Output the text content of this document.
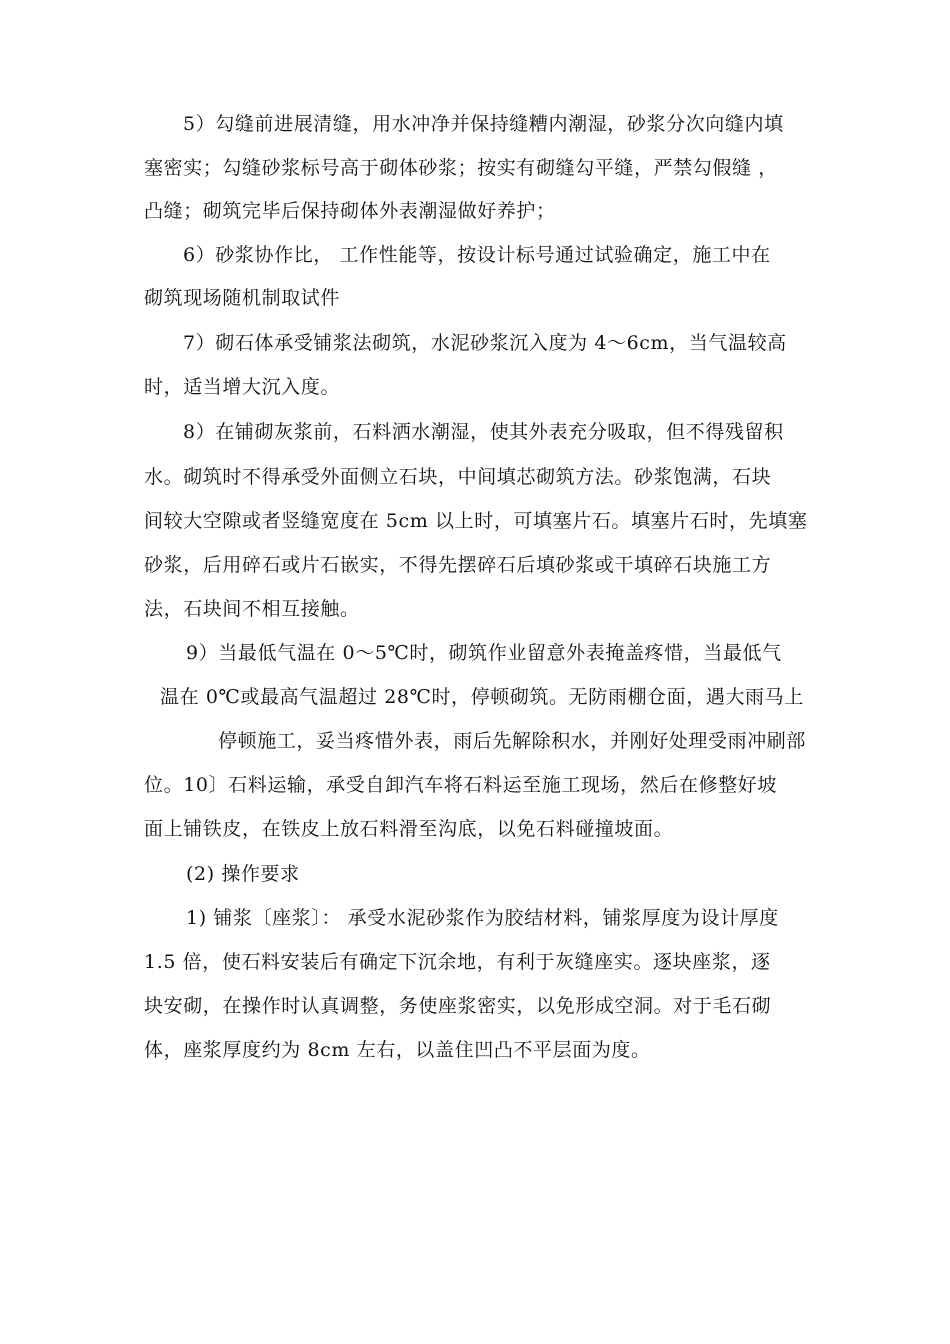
5）勾缝前进展清缝，用水冲净并保持缝糟内潮湿，砂浆分次向缝内填
塞密实；勾缝砂浆标号高于砌体砂浆；按实有砌缝勾平缝，严禁勾假缝 ，
凸缝；砌筑完毕后保持砌体外表潮湿做好养护；
6）砂浆协作比， 工作性能等，按设计标号通过试验确定，施工中在
砌筑现场随机制取试件
7）砌石体承受铺浆法砌筑，水泥砂浆沉入度为 4～6cm，当气温较高
时，适当增大沉入度。
8）在铺砌灰浆前，石料洒水潮湿，使其外表充分吸取，但不得残留积
水。砌筑时不得承受外面侧立石块，中间填芯砌筑方法。砂浆饱满，石块
间较大空隙或者竖缝宽度在 5cm 以上时，可填塞片石。填塞片石时，先填塞
砂浆，后用碎石或片石嵌实，不得先摆碎石后填砂浆或干填碎石块施工方
法，石块间不相互接触。
9）当最低气温在 0～5℃时，砌筑作业留意外表掩盖疼惜，当最低气
温在 0℃或最高气温超过 28℃时，停顿砌筑。无防雨棚仓面，遇大雨马上
停顿施工，妥当疼惜外表，雨后先解除积水，并刚好处理受雨冲刷部
位。10〕石料运输，承受自卸汽车将石料运至施工现场，然后在修整好坡
面上铺铁皮，在铁皮上放石料滑至沟底，以免石料碰撞坡面。
(2) 操作要求
1) 铺浆〔座浆〕： 承受水泥砂浆作为胶结材料，铺浆厚度为设计厚度
1.5 倍，使石料安装后有确定下沉余地，有利于灰缝座实。逐块座浆，逐
块安砌，在操作时认真调整，务使座浆密实，以免形成空洞。对于毛石砌
体，座浆厚度约为 8cm 左右，以盖住凹凸不平层面为度。
